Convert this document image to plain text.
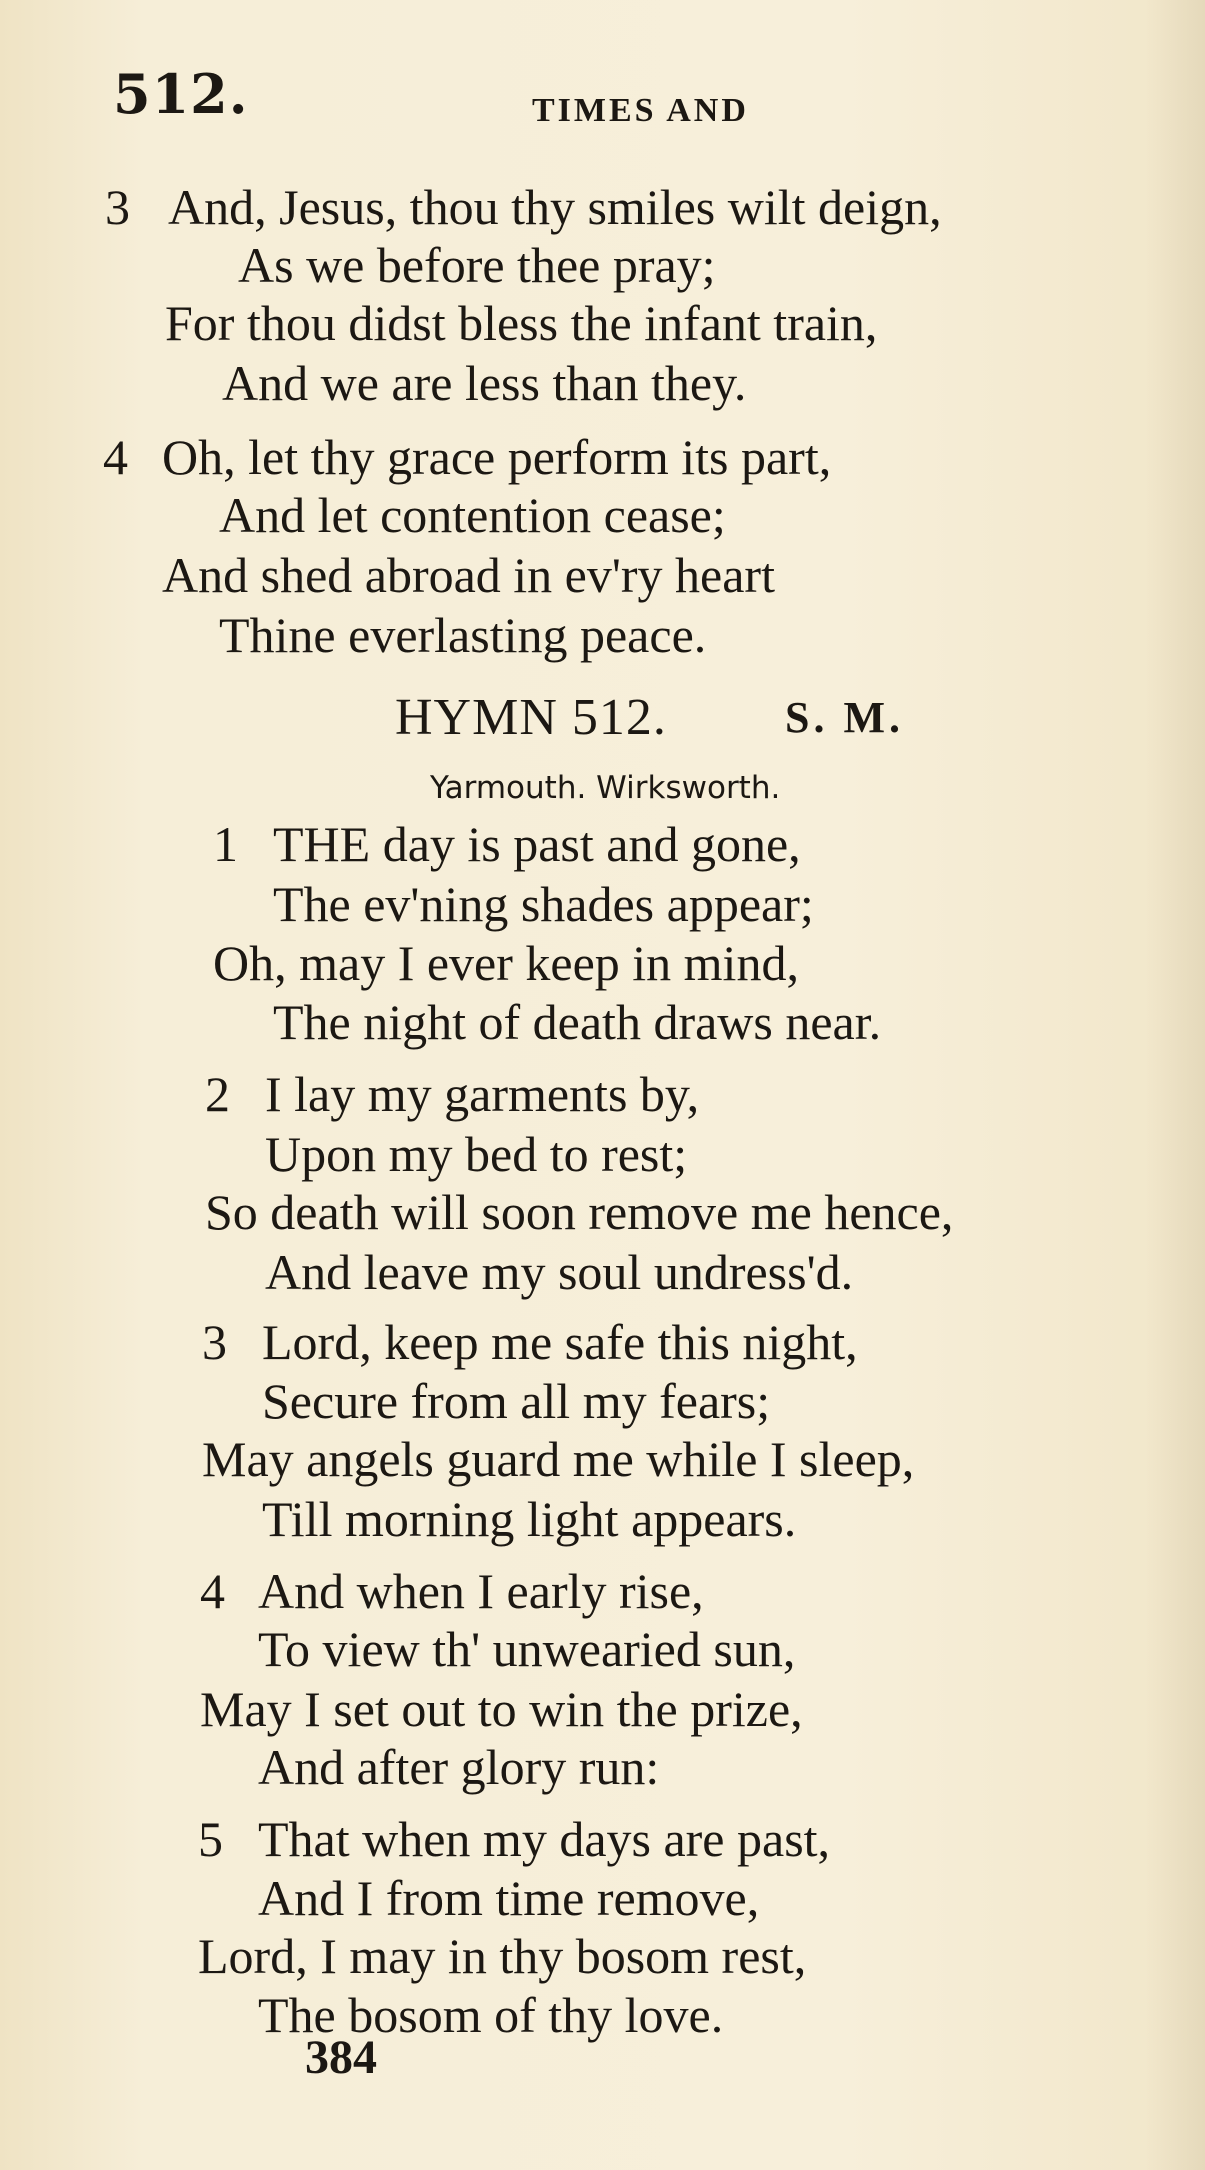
512.	TIMES AND
3 And, Jesus, thou thy smiles wilt deign,
As we before thee pray;
For thou didst bless the infant train,
And we are less than they.
4 Oh, let thy grace perform its part,
And let contention cease;
And shed abroad in ev'ry heart
Thine everlasting peace.
HYMN 512.	S. M.
Yarmouth. Wirksworth.
1 THE day is past and gone,
The ev'ning shades appear;
Oh, may I ever keep in mind,
The night of death draws near.
2 I lay my garments by,
Upon my bed to rest;
So death will soon remove me hence,
And leave my soul undress'd.
3 Lord, keep me safe this night,
Secure from all my fears;
May angels guard me while I sleep,
Till morning light appears.
4 And when I early rise,
To view th' unwearied sun,
May I set out to win the prize,
And after glory run:
5 That when my days are past,
And I from time remove,
Lord, I may in thy bosom rest,
The bosom of thy love.
384
